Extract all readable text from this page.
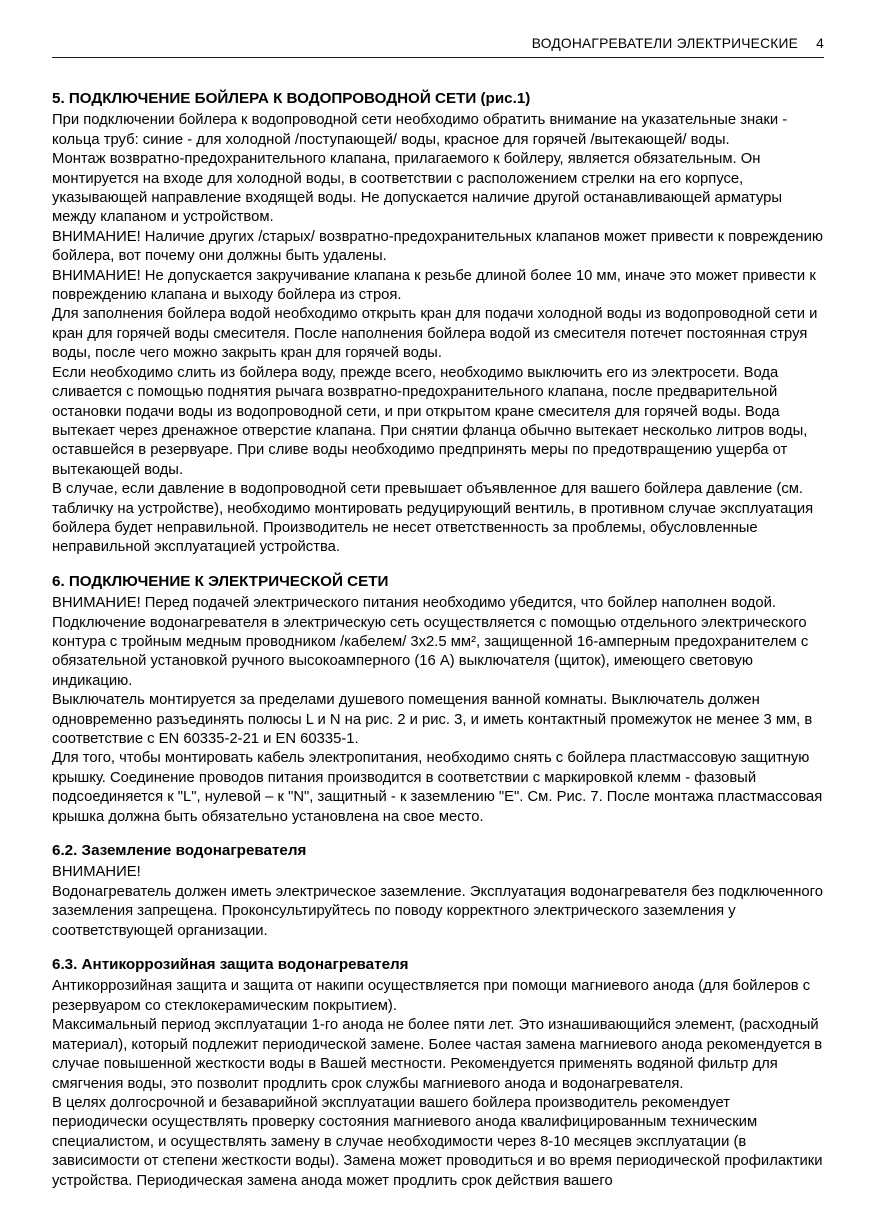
ВОДОНАГРЕВАТЕЛИ ЭЛЕКТРИЧЕСКИЕ 4
5. ПОДКЛЮЧЕНИЕ БОЙЛЕРА К ВОДОПРОВОДНОЙ СЕТИ (рис.1)

При подключении бойлера к водопроводной сети необходимо обратить внимание на указательные знаки - кольца труб: синие - для холодной /поступающей/ воды, красное для горячей /вытекающей/ воды.

Монтаж возвратно-предохранительного клапана, прилагаемого к бойлеру, является обязательным. Он монтируется на входе для холодной воды, в соответствии с расположением стрелки на его корпусе, указывающей направление входящей воды. Не допускается наличие другой останавливающей арматуры между клапаном и устройством.

ВНИМАНИЕ! Наличие других /старых/ возвратно-предохранительных клапанов может привести к повреждению бойлера, вот почему они должны быть удалены.

ВНИМАНИЕ! Не допускается закручивание клапана к резьбе длиной более 10 мм, иначе это может привести к повреждению клапана и выходу бойлера из строя.

Для заполнения бойлера водой необходимо открыть кран для подачи холодной воды из водопроводной сети и кран для горячей воды смесителя. После наполнения бойлера водой из смесителя потечет постоянная струя воды, после чего можно закрыть кран для горячей воды.

Если необходимо слить из бойлера воду, прежде всего, необходимо выключить его из электросети. Вода сливается с помощью поднятия рычага возвратно-предохранительного клапана, после предварительной остановки подачи воды из водопроводной сети, и при открытом кране смесителя для горячей воды. Вода вытекает через дренажное отверстие клапана. При снятии фланца обычно вытекает несколько литров воды, оставшейся в резервуаре. При сливе воды необходимо предпринять меры по предотвращению ущерба от вытекающей воды.

В случае, если давление в водопроводной сети превышает объявленное для вашего бойлера давление (см. табличку на устройстве), необходимо монтировать редуцирующий вентиль, в противном случае эксплуатация бойлера будет неправильной. Производитель не несет ответственность за проблемы, обусловленные неправильной эксплуатацией устройства.

6. ПОДКЛЮЧЕНИЕ К ЭЛЕКТРИЧЕСКОЙ СЕТИ

ВНИМАНИЕ! Перед подачей электрического питания необходимо убедится, что бойлер наполнен водой.

Подключение водонагревателя в электрическую сеть осуществляется с помощью отдельного электрического контура с тройным медным проводником /кабелем/ 3х2.5 мм², защищенной 16-амперным предохранителем с обязательной установкой ручного высокоамперного (16 А) выключателя (щиток), имеющего световую индикацию.

Выключатель монтируется за пределами душевого помещения ванной комнаты. Выключатель должен одновременно разъединять полюсы L и N на рис. 2 и рис. 3, и иметь контактный промежуток не менее 3 мм, в соответствие с EN 60335-2-21 и EN 60335-1.

Для того, чтобы монтировать кабель электропитания, необходимо снять с бойлера пластмассовую защитную крышку. Соединение проводов питания производится в соответствии с маркировкой клемм - фазовый подсоединяется к "L", нулевой – к "N", защитный - к заземлению "Е". См. Рис. 7. После монтажа пластмассовая крышка должна быть обязательно установлена на свое место.

6.2. Заземление водонагревателя

ВНИМАНИЕ!

Водонагреватель должен иметь электрическое заземление. Эксплуатация водонагревателя без подключенного заземления запрещена. Проконсультируйтесь по поводу корректного электрического заземления у соответствующей организации.

6.3. Антикоррозийная защита водонагревателя

Антикоррозийная защита и защита от накипи осуществляется при помощи магниевого анода (для бойлеров с резервуаром со стеклокерамическим покрытием).

Максимальный период эксплуатации 1-го анода не более пяти лет. Это изнашивающийся элемент, (расходный материал), который подлежит периодической замене. Более частая замена магниевого анода рекомендуется в случае повышенной жесткости воды в Вашей местности. Рекомендуется применять водяной фильтр для смягчения воды, это позволит продлить срок службы магниевого анода и водонагревателя.

В целях долгосрочной и безаварийной эксплуатации вашего бойлера производитель рекомендует периодически осуществлять проверку состояния магниевого анода квалифицированным техническим специалистом, и осуществлять замену в случае необходимости через 8-10 месяцев эксплуатации (в зависимости от степени жесткости воды). Замена может проводиться и во время периодической профилактики устройства. Периодическая замена анода может продлить срок действия вашего
